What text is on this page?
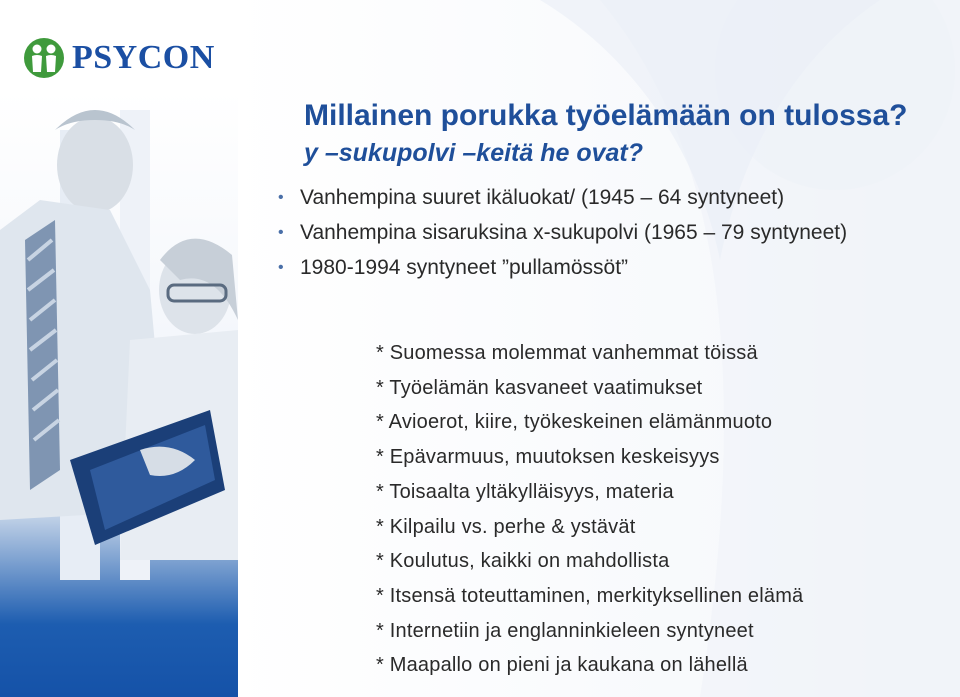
PSYCON
Millainen porukka työelämään on tulossa?
y –sukupolvi –keitä he ovat?
• Vanhempina suuret ikäluokat/ (1945 – 64 syntyneet)
• Vanhempina sisaruksina x-sukupolvi (1965 – 79 syntyneet)
• 1980-1994 syntyneet ”pullamössöt”
* Suomessa molemmat vanhemmat töissä
* Työelämän kasvaneet vaatimukset
* Avioerot, kiire, työkeskeinen elämänmuoto
* Epävarmuus, muutoksen keskeisyys
* Toisaalta yltäkylläisyys, materia
* Kilpailu vs. perhe & ystävät
* Koulutus, kaikki on mahdollista
* Itsensä toteuttaminen, merkityksellinen elämä
* Internetiin ja englanninkieleen syntyneet
* Maapallo on pieni ja kaukana on lähellä
